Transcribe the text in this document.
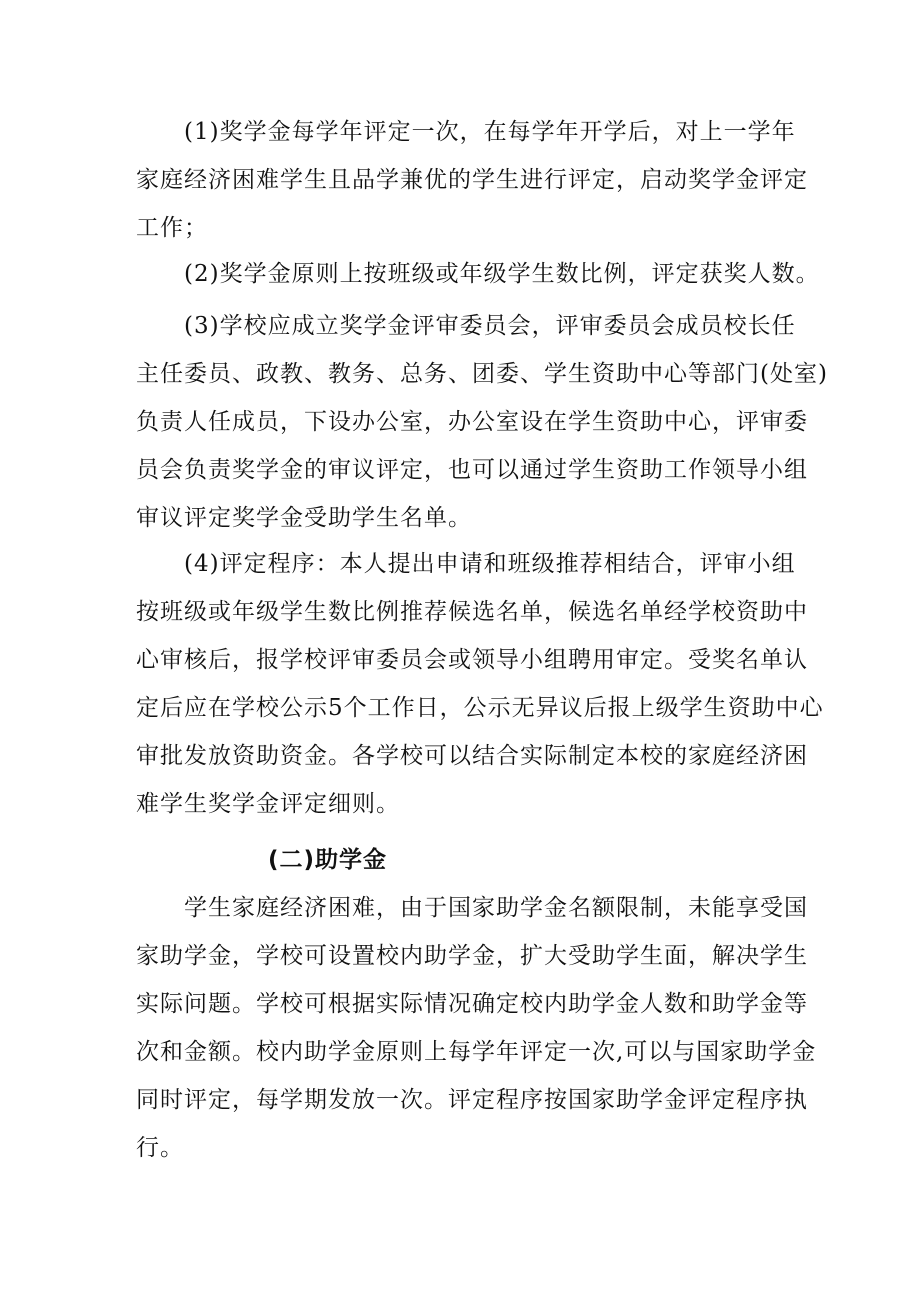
　　(1)奖学金每学年评定一次，在每学年开学后，对上一学年
家庭经济困难学生且品学兼优的学生进行评定，启动奖学金评定
工作；
　　(2)奖学金原则上按班级或年级学生数比例，评定获奖人数。
　　(3)学校应成立奖学金评审委员会，评审委员会成员校长任
主任委员、政教、教务、总务、团委、学生资助中心等部门(处室)
负责人任成员，下设办公室，办公室设在学生资助中心，评审委
员会负责奖学金的审议评定，也可以通过学生资助工作领导小组
审议评定奖学金受助学生名单。
　　(4)评定程序：本人提出申请和班级推荐相结合，评审小组
按班级或年级学生数比例推荐候选名单，候选名单经学校资助中
心审核后，报学校评审委员会或领导小组聘用审定。受奖名单认
定后应在学校公示5个工作日，公示无异议后报上级学生资助中心
审批发放资助资金。各学校可以结合实际制定本校的家庭经济困
难学生奖学金评定细则。
(二)助学金
　　学生家庭经济困难，由于国家助学金名额限制，未能享受国
家助学金，学校可设置校内助学金，扩大受助学生面，解决学生
实际问题。学校可根据实际情况确定校内助学金人数和助学金等
次和金额。校内助学金原则上每学年评定一次,可以与国家助学金
同时评定，每学期发放一次。评定程序按国家助学金评定程序执
行。
